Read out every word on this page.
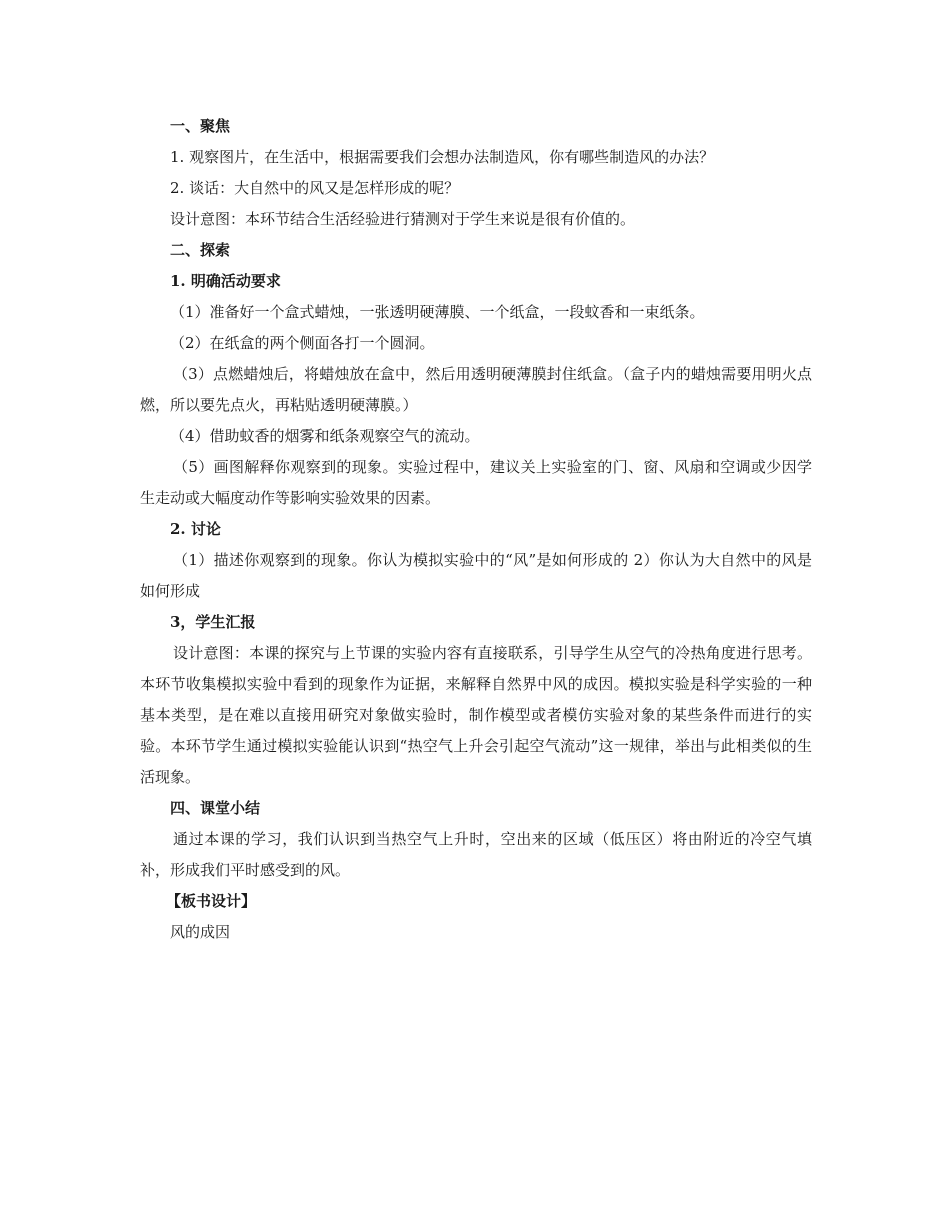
一、聚焦

1. 观察图片，在生活中，根据需要我们会想办法制造风，你有哪些制造风的办法？

2. 谈话：大自然中的风又是怎样形成的呢？

设计意图：本环节结合生活经验进行猜测对于学生来说是很有价值的。

二、探索

1. 明确活动要求

（1）准备好一个盒式蜡烛，一张透明硬薄膜、一个纸盒，一段蚊香和一束纸条。

（2）在纸盒的两个侧面各打一个圆洞。

（3）点燃蜡烛后，将蜡烛放在盒中，然后用透明硬薄膜封住纸盒。（盒子内的蜡烛需要用明火点燃，所以要先点火，再粘贴透明硬薄膜。）

（4）借助蚊香的烟雾和纸条观察空气的流动。

（5）画图解释你观察到的现象。实验过程中，建议关上实验室的门、窗、风扇和空调或少因学生走动或大幅度动作等影响实验效果的因素。

2. 讨论

（1）描述你观察到的现象。你认为模拟实验中的“风”是如何形成的 2）你认为大自然中的风是如何形成

3，学生汇报

设计意图：本课的探究与上节课的实验内容有直接联系，引导学生从空气的冷热角度进行思考。本环节收集模拟实验中看到的现象作为证据，来解释自然界中风的成因。模拟实验是科学实验的一种基本类型，是在难以直接用研究对象做实验时，制作模型或者模仿实验对象的某些条件而进行的实验。本环节学生通过模拟实验能认识到“热空气上升会引起空气流动”这一规律，举出与此相类似的生活现象。

四、课堂小结

通过本课的学习，我们认识到当热空气上升时，空出来的区域（低压区）将由附近的冷空气填补，形成我们平时感受到的风。

【板书设计】

风的成因
